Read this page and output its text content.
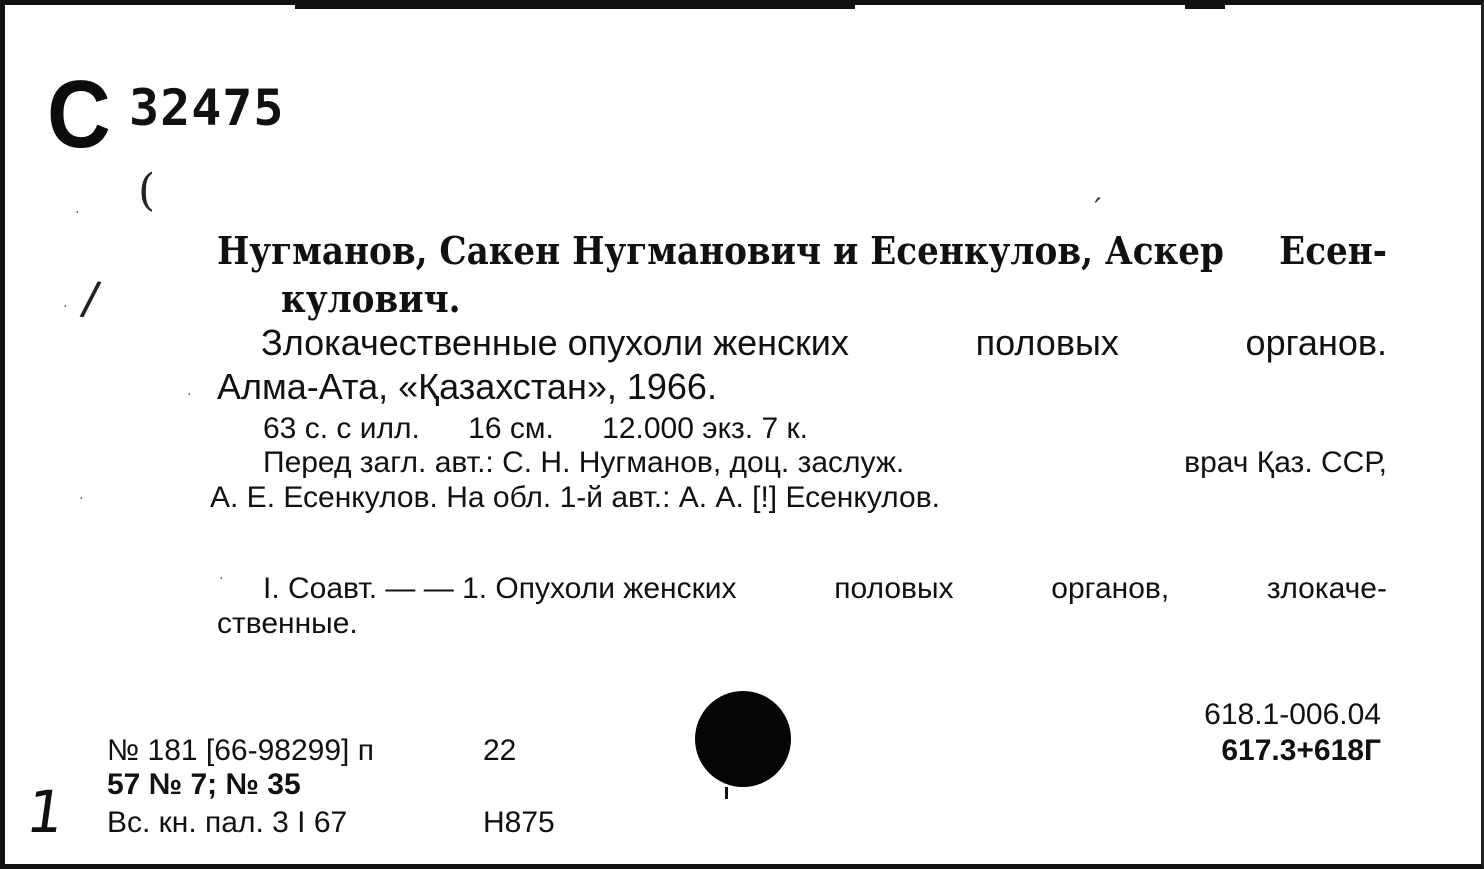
С 32475
(
/
′
·
·
·
·
·
Нугманов, Сакен Нугманович и Есенкулов, Аскер Есен-
кулович.
Злокачественные опухоли женских	половых	органов.
Алма-Ата, «Қазахстан», 1966.
63 с. с илл. 16 см. 12.000 экз. 7 к.
Перед загл. авт.: С. Н. Нугманов, доц. заслуж.	врач Қаз. ССР,
А. Е. Есенкулов. На обл. 1-й авт.: А. А. [!] Есенкулов.
I. Соавт. — — 1. Опухоли женских	половых	органов,	злокаче-
ственные.
№ 181 [66-98299] п	22
57 № 7; № 35
Вс. кн. пал. 3 I 67	Н875
618.1-006.04
617.3+618Г
1
